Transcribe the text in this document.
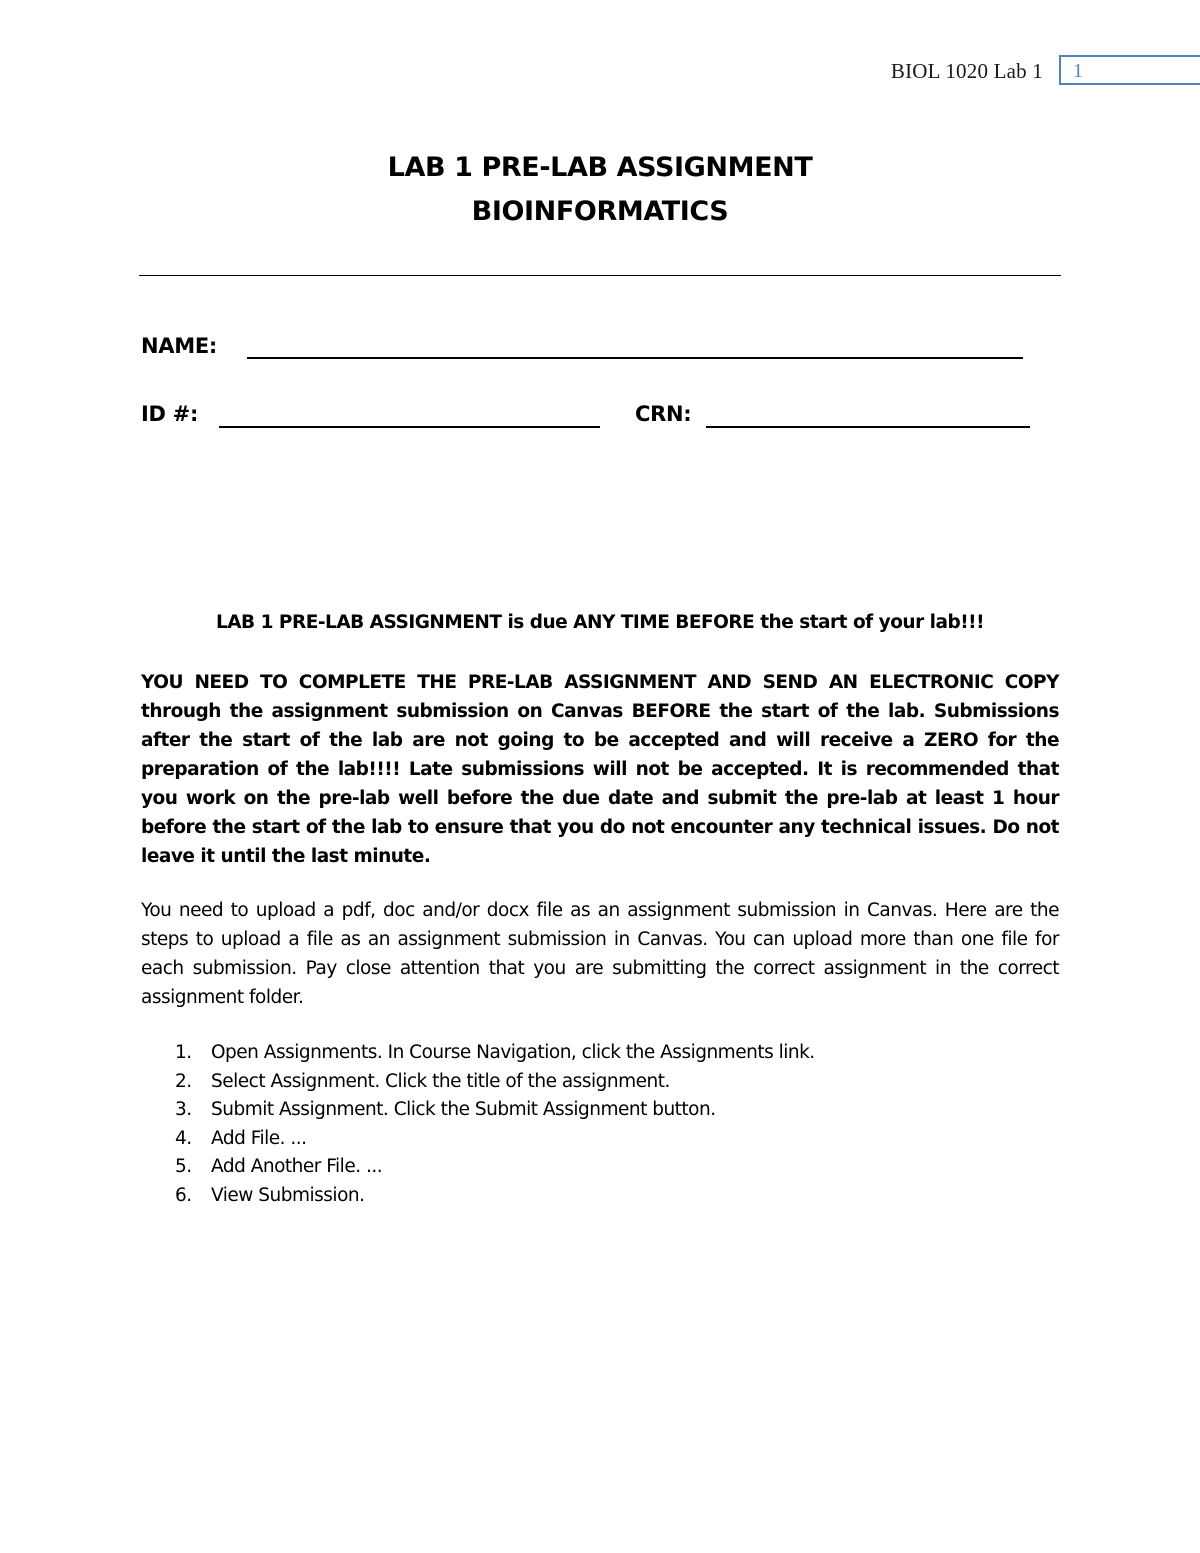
BIOL 1020 Lab 1 1
LAB 1 PRE-LAB ASSIGNMENT
BIOINFORMATICS
NAME:
ID #:	CRN:
LAB 1 PRE-LAB ASSIGNMENT is due ANY TIME BEFORE the start of your lab!!!
YOU NEED TO COMPLETE THE PRE-LAB ASSIGNMENT AND SEND AN ELECTRONIC COPY through the assignment submission on Canvas BEFORE the start of the lab. Submissions after the start of the lab are not going to be accepted and will receive a ZERO for the preparation of the lab!!!! Late submissions will not be accepted. It is recommended that you work on the pre-lab well before the due date and submit the pre-lab at least 1 hour before the start of the lab to ensure that you do not encounter any technical issues. Do not leave it until the last minute.
You need to upload a pdf, doc and/or docx file as an assignment submission in Canvas. Here are the steps to upload a file as an assignment submission in Canvas. You can upload more than one file for each submission. Pay close attention that you are submitting the correct assignment in the correct assignment folder.
1. Open Assignments. In Course Navigation, click the Assignments link.
2. Select Assignment. Click the title of the assignment.
3. Submit Assignment. Click the Submit Assignment button.
4. Add File. ...
5. Add Another File. ...
6. View Submission.
